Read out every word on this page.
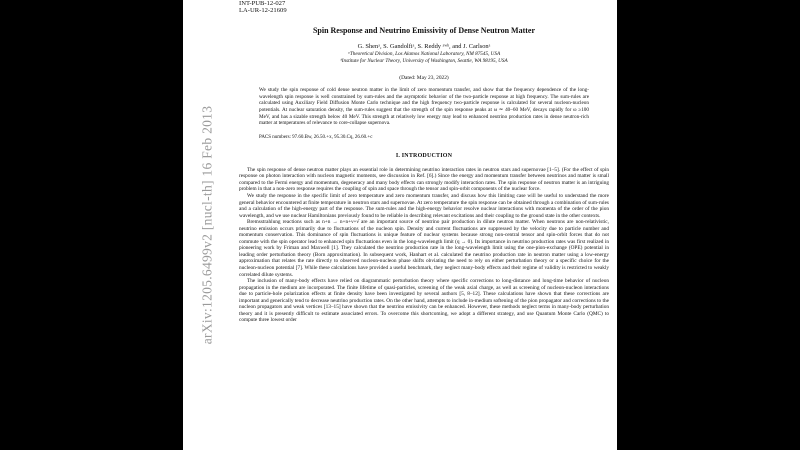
arXiv:1205.6499v2 [nucl-th] 16 Feb 2013
INT-PUB-12-027
LA-UR-12-21609
Spin Response and Neutrino Emissivity of Dense Neutron Matter
G. Shenᵃ, S. Gandolfiᵃ, S. Reddy ᵃʷᵇ, and J. Carlsonᵃ
ᵃTheoretical Division, Los Alamos National Laboratory, NM 87545, USA
ᵇInstitute for Nuclear Theory, University of Washington, Seattle, WA 98195, USA
(Dated: May 23, 2022)
We study the spin response of cold dense neutron matter in the limit of zero momentum transfer, and show that the frequency dependence of the long-wavelength spin response is well constrained by sum-rules and the asymptotic behavior of the two-particle response at high frequency. The sum-rules are calculated using Auxiliary Field Diffusion Monte Carlo technique and the high frequency two-particle response is calculated for several nucleon-nucleon potentials. At nuclear saturation density, the sum-rules suggest that the strength of the spin response peaks at ω ≃ 40–60 MeV, decays rapidly for ω ≥100 MeV, and has a sizable strength below 40 MeV. This strength at relatively low energy may lead to enhanced neutrino production rates in dense neutron-rich matter at temperatures of relevance to core-collapse supernova.
PACS numbers: 97.60.Bw, 26.50.+x, 95.30.Cq, 26.60.+c
I. INTRODUCTION

The spin response of dense neutron matter plays an essential role in determining neutrino interaction rates in neutron stars and supernovae [1–5]. (For the effect of spin response on photon interaction with nucleon magnetic moments, see discussion in Ref. [6].) Since the energy and momentum transfer between neutrinos and matter is small compared to the Fermi energy and momentum, degeneracy and many body effects can strongly modify interaction rates. The spin response of neutron matter is an intriguing problem in that a non-zero response requires the coupling of spin and space through the tensor and spin-orbit components of the nuclear force.

We study the response in the specific limit of zero temperature and zero momentum transfer, and discuss how this limiting case will be useful to understand the more general behavior encountered at finite temperature in neutron stars and supernovae. At zero temperature the spin response can be obtained through a combination of sum-rules and a calculation of the high-energy part of the response. The sum-rules and the high-energy behavior resolve nuclear interactions with momenta of the order of the pion wavelength, and we use nuclear Hamiltonians previously found to be reliable in describing relevant excitations and their coupling to the ground state in the other contexts.

Bremsstrahlung reactions such as n+n → n+n+ν+ν̄ are an important source of neutrino pair production in dilute neutron matter. When neutrons are non-relativistic, neutrino emission occurs primarily due to fluctuations of the nucleon spin. Density and current fluctuations are suppressed by the velocity due to particle number and momentum conservation. This dominance of spin fluctuations is unique feature of nuclear systems because strong non-central tensor and spin-orbit forces that do not commute with the spin operator lead to enhanced spin fluctuations even in the long-wavelength limit (q → 0). Its importance in neutrino production rates was first realized in pioneering work by Friman and Maxwell [1]. They calculated the neutrino production rate in the long-wavelength limit using the one-pion-exchange (OPE) potential in leading order perturbation theory (Born approximation). In subsequent work, Hanhart et al. calculated the neutrino production rate in neutron matter using a low-energy approximation that relates the rate directly to observed nucleon-nucleon phase shifts obviating the need to rely on either perturbation theory or a specific choice for the nucleon-nucleon potential [7]. While these calculations have provided a useful benchmark, they neglect many-body effects and their regime of validity is restricted to weakly correlated dilute systems.

The inclusion of many-body effects have relied on diagrammatic perturbation theory where specific corrections to long-distance and long-time behavior of nucleon propagation in the medium are incorporated. The finite lifetime of quasi-particles, screening of the weak axial charge, as well as screening of nucleon-nucleon interactions due to particle-hole polarization effects at finite density have been investigated by several authors [5, 8–12]. These calculations have shown that these corrections are important and generically tend to decrease neutrino production rates. On the other hand, attempts to include in-medium softening of the pion propagator and corrections to the nucleon propagators and weak vertices [13–15] have shown that the neutrino emissivity can be enhanced. However, these methods neglect terms in many-body perturbation theory and it is presently difficult to estimate associated errors. To overcome this shortcoming, we adopt a different strategy, and use Quantum Monte Carlo (QMC) to compute three lowest order
